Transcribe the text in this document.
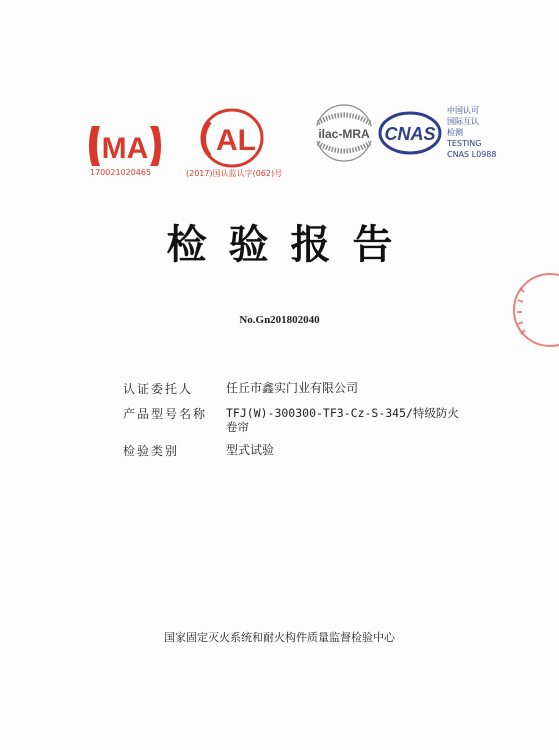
MA
170021020465
AL
(2017)国认监认字(062)号
ilac-MRA CNAS
中国认可
国际互认
检测
TESTING
CNAS L0988
检验报告
No.Gn201802040
认证委托人	任丘市鑫实门业有限公司
产品型号名称	TFJ(W)-300300-TF3-Cz-S-345/特级防火卷帘
检验类别	型式试验
国家固定灭火系统和耐火构件质量监督检验中心
